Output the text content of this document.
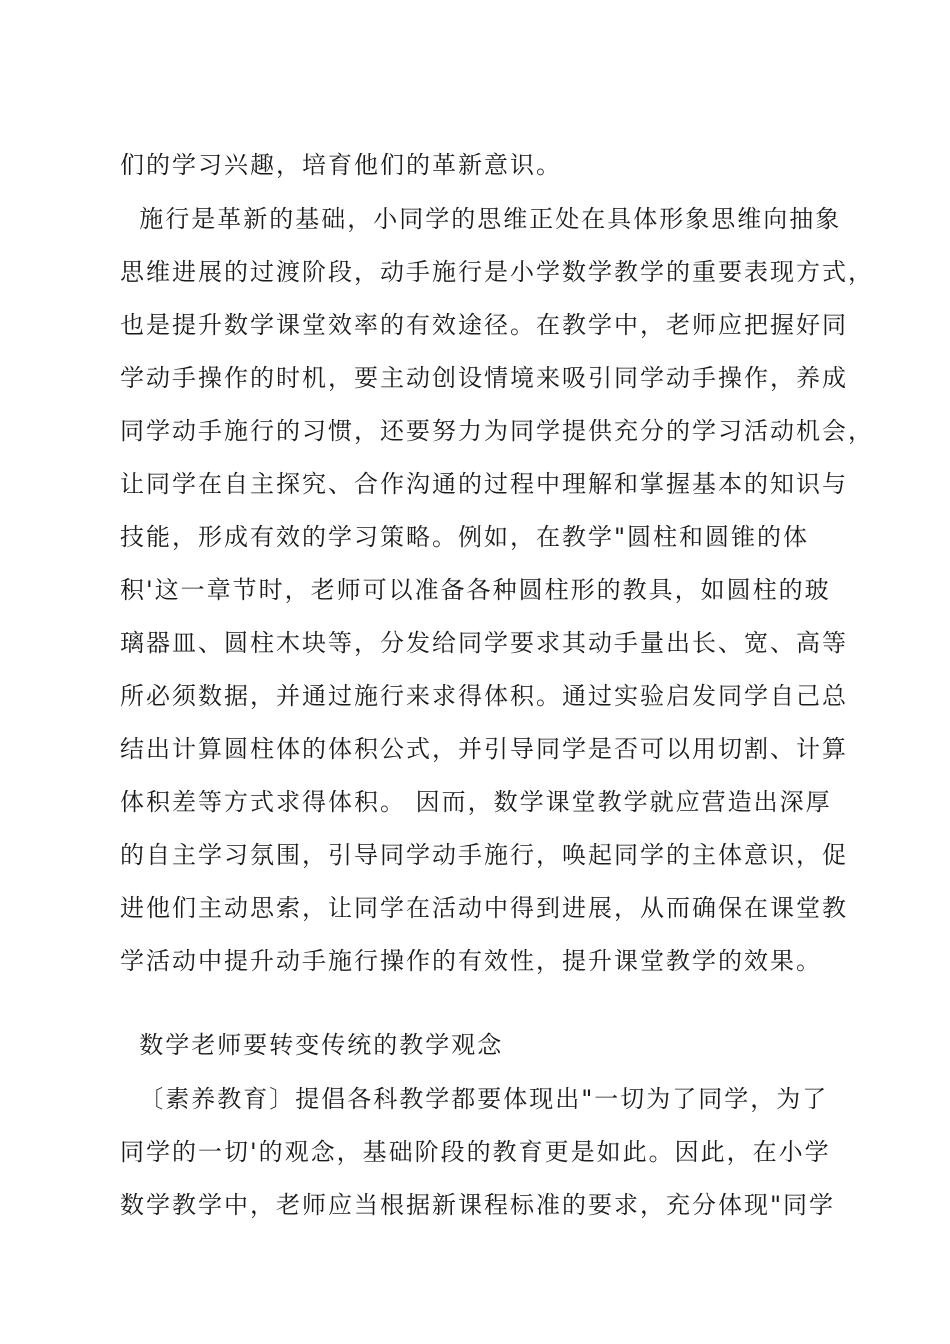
们的学习兴趣，培育他们的革新意识。
施行是革新的基础，小同学的思维正处在具体形象思维向抽象
思维进展的过渡阶段，动手施行是小学数学教学的重要表现方式，
也是提升数学课堂效率的有效途径。在教学中，老师应把握好同
学动手操作的时机，要主动创设情境来吸引同学动手操作，养成
同学动手施行的习惯，还要努力为同学提供充分的学习活动机会，
让同学在自主探究、合作沟通的过程中理解和掌握基本的知识与
技能，形成有效的学习策略。例如，在教学"圆柱和圆锥的体
积'这一章节时，老师可以准备各种圆柱形的教具，如圆柱的玻
璃器皿、圆柱木块等，分发给同学要求其动手量出长、宽、高等
所必须数据，并通过施行来求得体积。通过实验启发同学自己总
结出计算圆柱体的体积公式，并引导同学是否可以用切割、计算
体积差等方式求得体积。 因而，数学课堂教学就应营造出深厚
的自主学习氛围，引导同学动手施行，唤起同学的主体意识，促
进他们主动思索，让同学在活动中得到进展，从而确保在课堂教
学活动中提升动手施行操作的有效性，提升课堂教学的效果。
数学老师要转变传统的教学观念
〔素养教育〕提倡各科教学都要体现出"一切为了同学，为了
同学的一切'的观念，基础阶段的教育更是如此。因此，在小学
数学教学中，老师应当根据新课程标准的要求，充分体现"同学
